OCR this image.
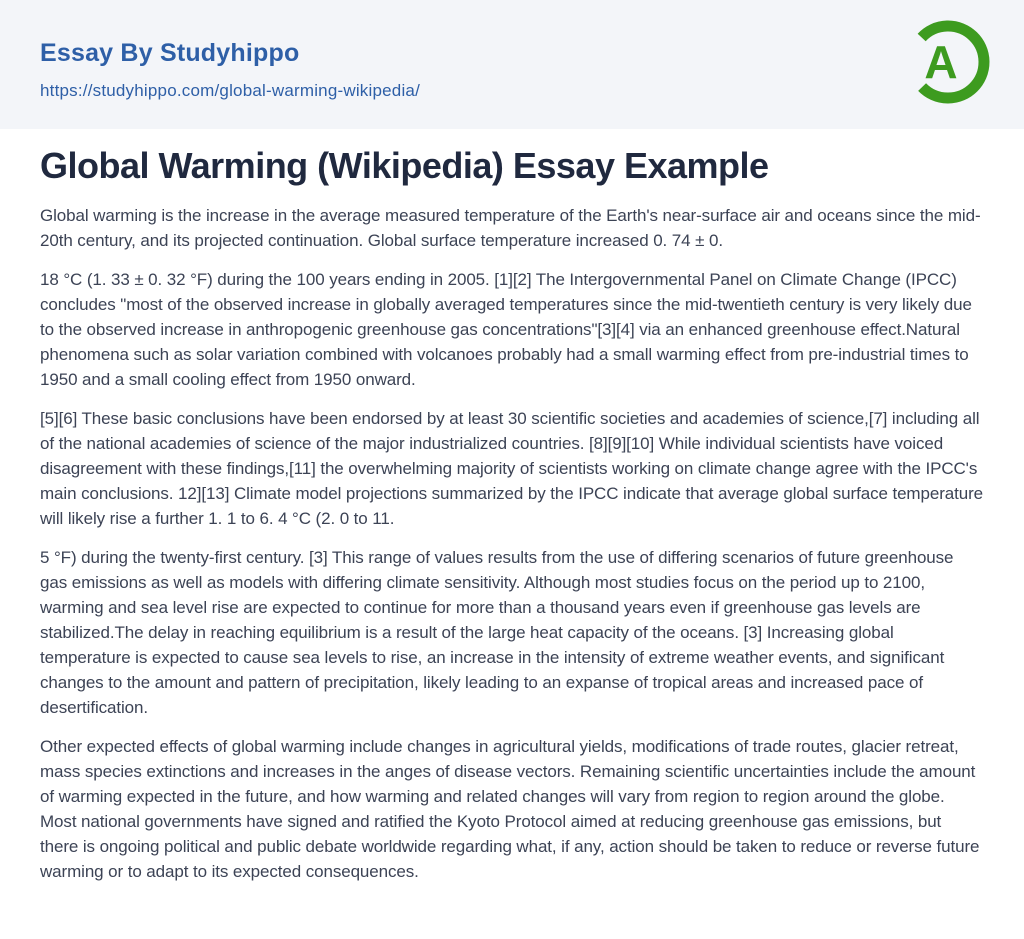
Essay By Studyhippo
https://studyhippo.com/global-warming-wikipedia/
A
Global Warming (Wikipedia) Essay Example

Global warming is the increase in the average measured temperature of the Earth's near-surface air and oceans since the mid-20th century, and its projected continuation. Global surface temperature increased 0. 74 ± 0.

18 °C (1. 33 ± 0. 32 °F) during the 100 years ending in 2005. [1][2] The Intergovernmental Panel on Climate Change (IPCC) concludes "most of the observed increase in globally averaged temperatures since the mid-twentieth century is very likely due to the observed increase in anthropogenic greenhouse gas concentrations"[3][4] via an enhanced greenhouse effect.Natural phenomena such as solar variation combined with volcanoes probably had a small warming effect from pre-industrial times to 1950 and a small cooling effect from 1950 onward.

[5][6] These basic conclusions have been endorsed by at least 30 scientific societies and academies of science,[7] including all of the national academies of science of the major industrialized countries. [8][9][10] While individual scientists have voiced disagreement with these findings,[11] the overwhelming majority of scientists working on climate change agree with the IPCC's main conclusions. 12][13] Climate model projections summarized by the IPCC indicate that average global surface temperature will likely rise a further 1. 1 to 6. 4 °C (2. 0 to 11.

5 °F) during the twenty-first century. [3] This range of values results from the use of differing scenarios of future greenhouse gas emissions as well as models with differing climate sensitivity. Although most studies focus on the period up to 2100, warming and sea level rise are expected to continue for more than a thousand years even if greenhouse gas levels are stabilized.The delay in reaching equilibrium is a result of the large heat capacity of the oceans. [3] Increasing global temperature is expected to cause sea levels to rise, an increase in the intensity of extreme weather events, and significant changes to the amount and pattern of precipitation, likely leading to an expanse of tropical areas and increased pace of desertification.

Other expected effects of global warming include changes in agricultural yields, modifications of trade routes, glacier retreat, mass species extinctions and increases in the anges of disease vectors. Remaining scientific uncertainties include the amount of warming expected in the future, and how warming and related changes will vary from region to region around the globe. Most national governments have signed and ratified the Kyoto Protocol aimed at reducing greenhouse gas emissions, but there is ongoing political and public debate worldwide regarding what, if any, action should be taken to reduce or reverse future warming or to adapt to its expected consequences.
